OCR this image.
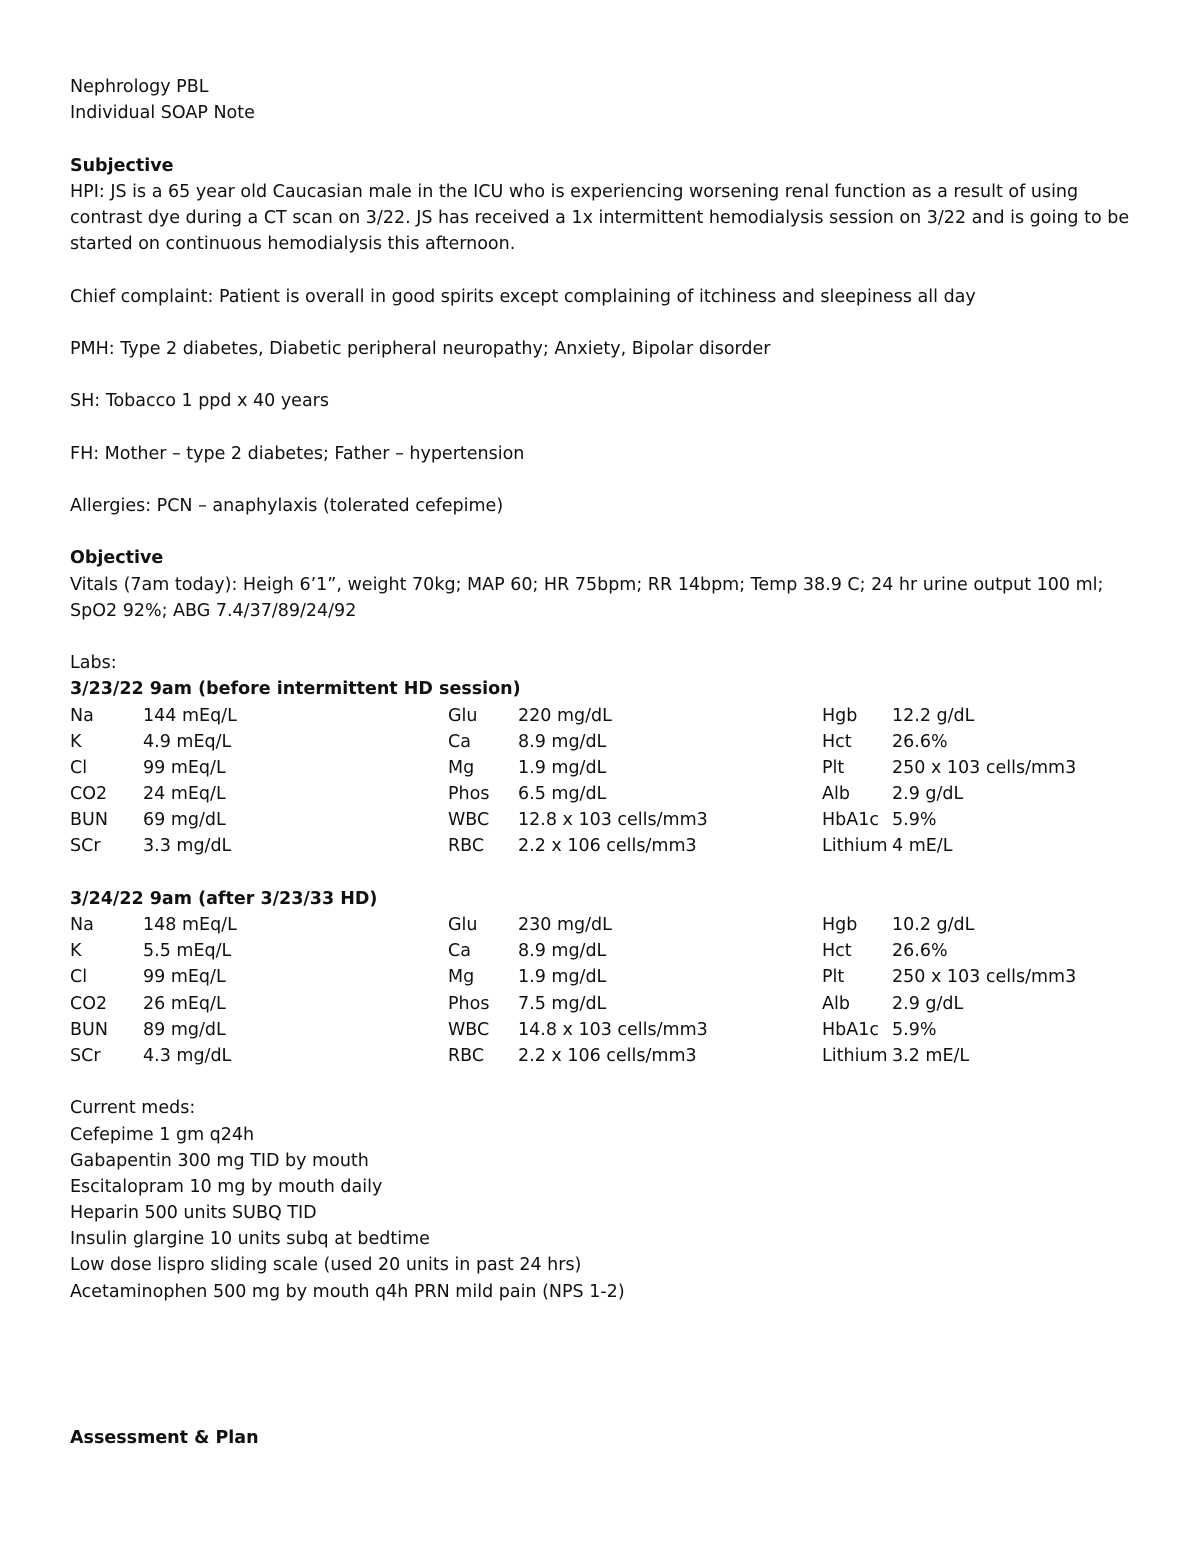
Nephrology PBL
Individual SOAP Note
Subjective
HPI: JS is a 65 year old Caucasian male in the ICU who is experiencing worsening renal function as a result of using contrast dye during a CT scan on 3/22. JS has received a 1x intermittent hemodialysis session on 3/22 and is going to be started on continuous hemodialysis this afternoon.
Chief complaint: Patient is overall in good spirits except complaining of itchiness and sleepiness all day
PMH: Type 2 diabetes, Diabetic peripheral neuropathy; Anxiety, Bipolar disorder
SH: Tobacco 1 ppd x 40 years
FH: Mother – type 2 diabetes; Father – hypertension
Allergies: PCN – anaphylaxis (tolerated cefepime)
Objective
Vitals (7am today): Heigh 6’1”, weight 70kg; MAP 60; HR 75bpm; RR 14bpm; Temp 38.9 C; 24 hr urine output 100 ml;
SpO2 92%; ABG 7.4/37/89/24/92
Labs:
3/23/22 9am (before intermittent HD session)
Na	144 mEq/L	Glu 220 mg/dL	Hgb 12.2 g/dL
K	4.9 mEq/L	Ca	8.9 mg/dL	Hct 26.6%
Cl	99 mEq/L	Mg	1.9 mg/dL	Plt	250 x 103 cells/mm3
CO2 24 mEq/L	Phos 6.5 mg/dL	Alb 2.9 g/dL
BUN 69 mg/dL	WBC 12.8 x 103 cells/mm3	HbA1c 5.9%
SCr 3.3 mg/dL	RBC 2.2 x 106 cells/mm3	Lithium 4 mE/L
3/24/22 9am (after 3/23/33 HD)
Na	148 mEq/L	Glu 230 mg/dL	Hgb 10.2 g/dL
K	5.5 mEq/L	Ca	8.9 mg/dL	Hct 26.6%
Cl	99 mEq/L	Mg	1.9 mg/dL	Plt	250 x 103 cells/mm3
CO2 26 mEq/L	Phos 7.5 mg/dL	Alb 2.9 g/dL
BUN 89 mg/dL	WBC 14.8 x 103 cells/mm3	HbA1c 5.9%
SCr 4.3 mg/dL	RBC 2.2 x 106 cells/mm3	Lithium 3.2 mE/L
Current meds:
Cefepime 1 gm q24h
Gabapentin 300 mg TID by mouth
Escitalopram 10 mg by mouth daily
Heparin 500 units SUBQ TID
Insulin glargine 10 units subq at bedtime
Low dose lispro sliding scale (used 20 units in past 24 hrs)
Acetaminophen 500 mg by mouth q4h PRN mild pain (NPS 1-2)
Assessment & Plan
